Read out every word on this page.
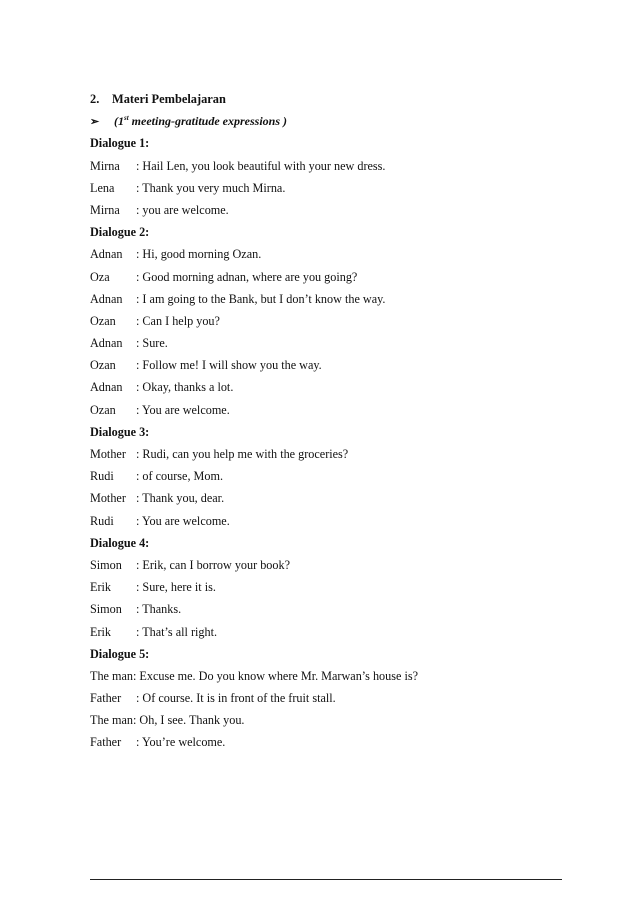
2. Materi Pembelajaran
➢ (1st meeting-gratitude expressions )
Dialogue 1:
Mirna : Hail Len, you look beautiful with your new dress.
Lena : Thank you very much Mirna.
Mirna : you are welcome.
Dialogue 2:
Adnan : Hi, good morning Ozan.
Oza : Good morning adnan, where are you going?
Adnan : I am going to the Bank, but I don’t know the way.
Ozan : Can I help you?
Adnan : Sure.
Ozan : Follow me! I will show you the way.
Adnan : Okay, thanks a lot.
Ozan : You are welcome.
Dialogue 3:
Mother : Rudi, can you help me with the groceries?
Rudi : of course, Mom.
Mother : Thank you, dear.
Rudi : You are welcome.
Dialogue 4:
Simon : Erik, can I borrow your book?
Erik : Sure, here it is.
Simon : Thanks.
Erik : That’s all right.
Dialogue 5:
The man: Excuse me. Do you know where Mr. Marwan’s house is?
Father : Of course. It is in front of the fruit stall.
The man: Oh, I see. Thank you.
Father : You’re welcome.
